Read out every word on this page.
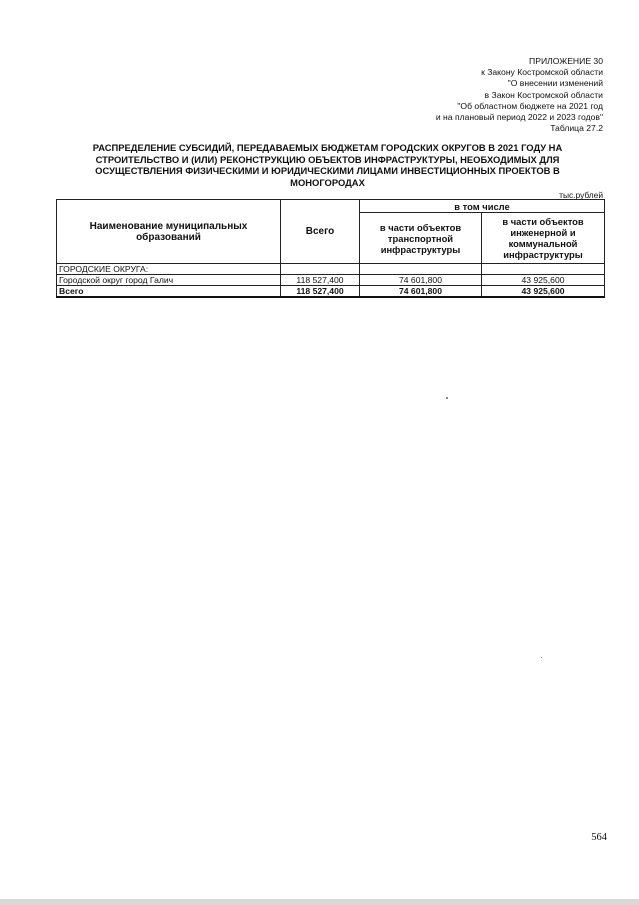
ПРИЛОЖЕНИЕ 30
к Закону Костромской области
"О внесении изменений
в Закон Костромской области
"Об областном бюджете на 2021 год
и на плановый период 2022 и 2023 годов"
Таблица 27.2
РАСПРЕДЕЛЕНИЕ СУБСИДИЙ, ПЕРЕДАВАЕМЫХ БЮДЖЕТАМ ГОРОДСКИХ ОКРУГОВ В 2021 ГОДУ НА СТРОИТЕЛЬСТВО И (ИЛИ) РЕКОНСТРУКЦИЮ ОБЪЕКТОВ ИНФРАСТРУКТУРЫ, НЕОБХОДИМЫХ ДЛЯ ОСУЩЕСТВЛЕНИЯ ФИЗИЧЕСКИМИ И ЮРИДИЧЕСКИМИ ЛИЦАМИ ИНВЕСТИЦИОННЫХ ПРОЕКТОВ В МОНОГОРОДАХ
тыс.рублей
Наименование муниципальных образований	Всего	в том числе	
		в части объектов транспортной инфраструктуры	в части объектов инженерной и коммунальной инфраструктуры
ГОРОДСКИЕ ОКРУГА:			
Городской округ город Галич	118 527,400	74 601,800	43 925,600
Всего	118 527,400	74 601,800	43 925,600
564
